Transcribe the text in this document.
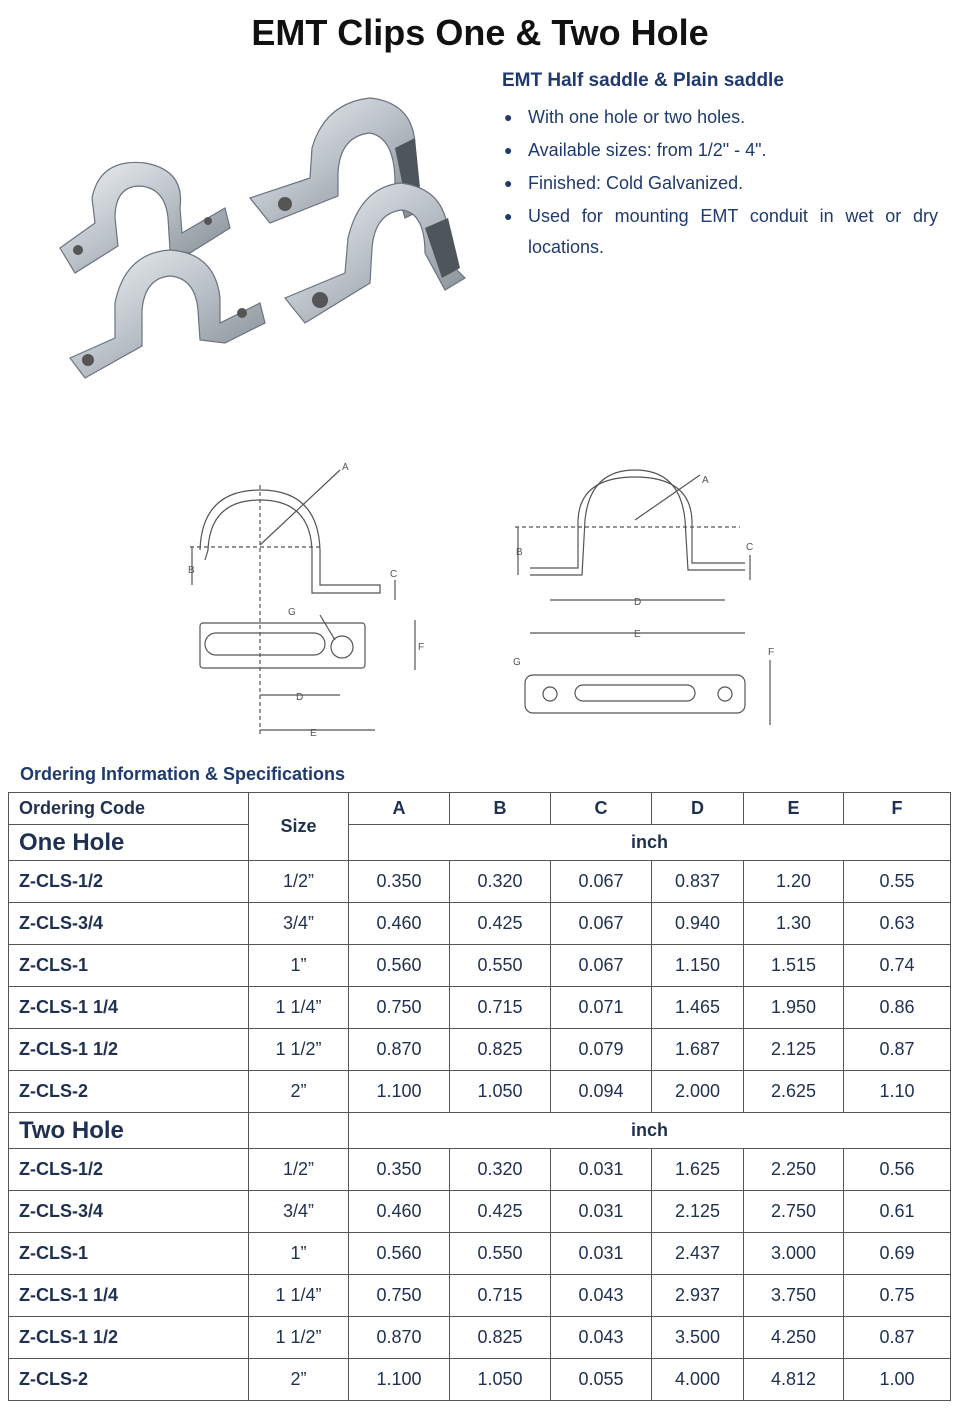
EMT Clips One & Two Hole
EMT Half saddle & Plain saddle
● With one hole or two holes.
● Available sizes: from 1/2" - 4".
● Finished: Cold Galvanized.
● Used for mounting EMT conduit in wet or dry locations.
A
B	C
D
E
F
G
A
B	C
D
E
F
G
Ordering Information & Specifications
Ordering Code	Size	A	B	C	D	E	F
One Hole		inch					
Z-CLS-1/2	1/2”	0.350	0.320	0.067	0.837	1.20	0.55
Z-CLS-3/4	3/4”	0.460	0.425	0.067	0.940	1.30	0.63
Z-CLS-1	1”	0.560	0.550	0.067	1.150	1.515	0.74
Z-CLS-1 1/4	1 1/4”	0.750	0.715	0.071	1.465	1.950	0.86
Z-CLS-1 1/2	1 1/2”	0.870	0.825	0.079	1.687	2.125	0.87
Z-CLS-2	2”	1.100	1.050	0.094	2.000	2.625	1.10
Two Hole		inch					
Z-CLS-1/2	1/2”	0.350	0.320	0.031	1.625	2.250	0.56
Z-CLS-3/4	3/4”	0.460	0.425	0.031	2.125	2.750	0.61
Z-CLS-1	1”	0.560	0.550	0.031	2.437	3.000	0.69
Z-CLS-1 1/4	1 1/4”	0.750	0.715	0.043	2.937	3.750	0.75
Z-CLS-1 1/2	1 1/2”	0.870	0.825	0.043	3.500	4.250	0.87
Z-CLS-2	2”	1.100	1.050	0.055	4.000	4.812	1.00
